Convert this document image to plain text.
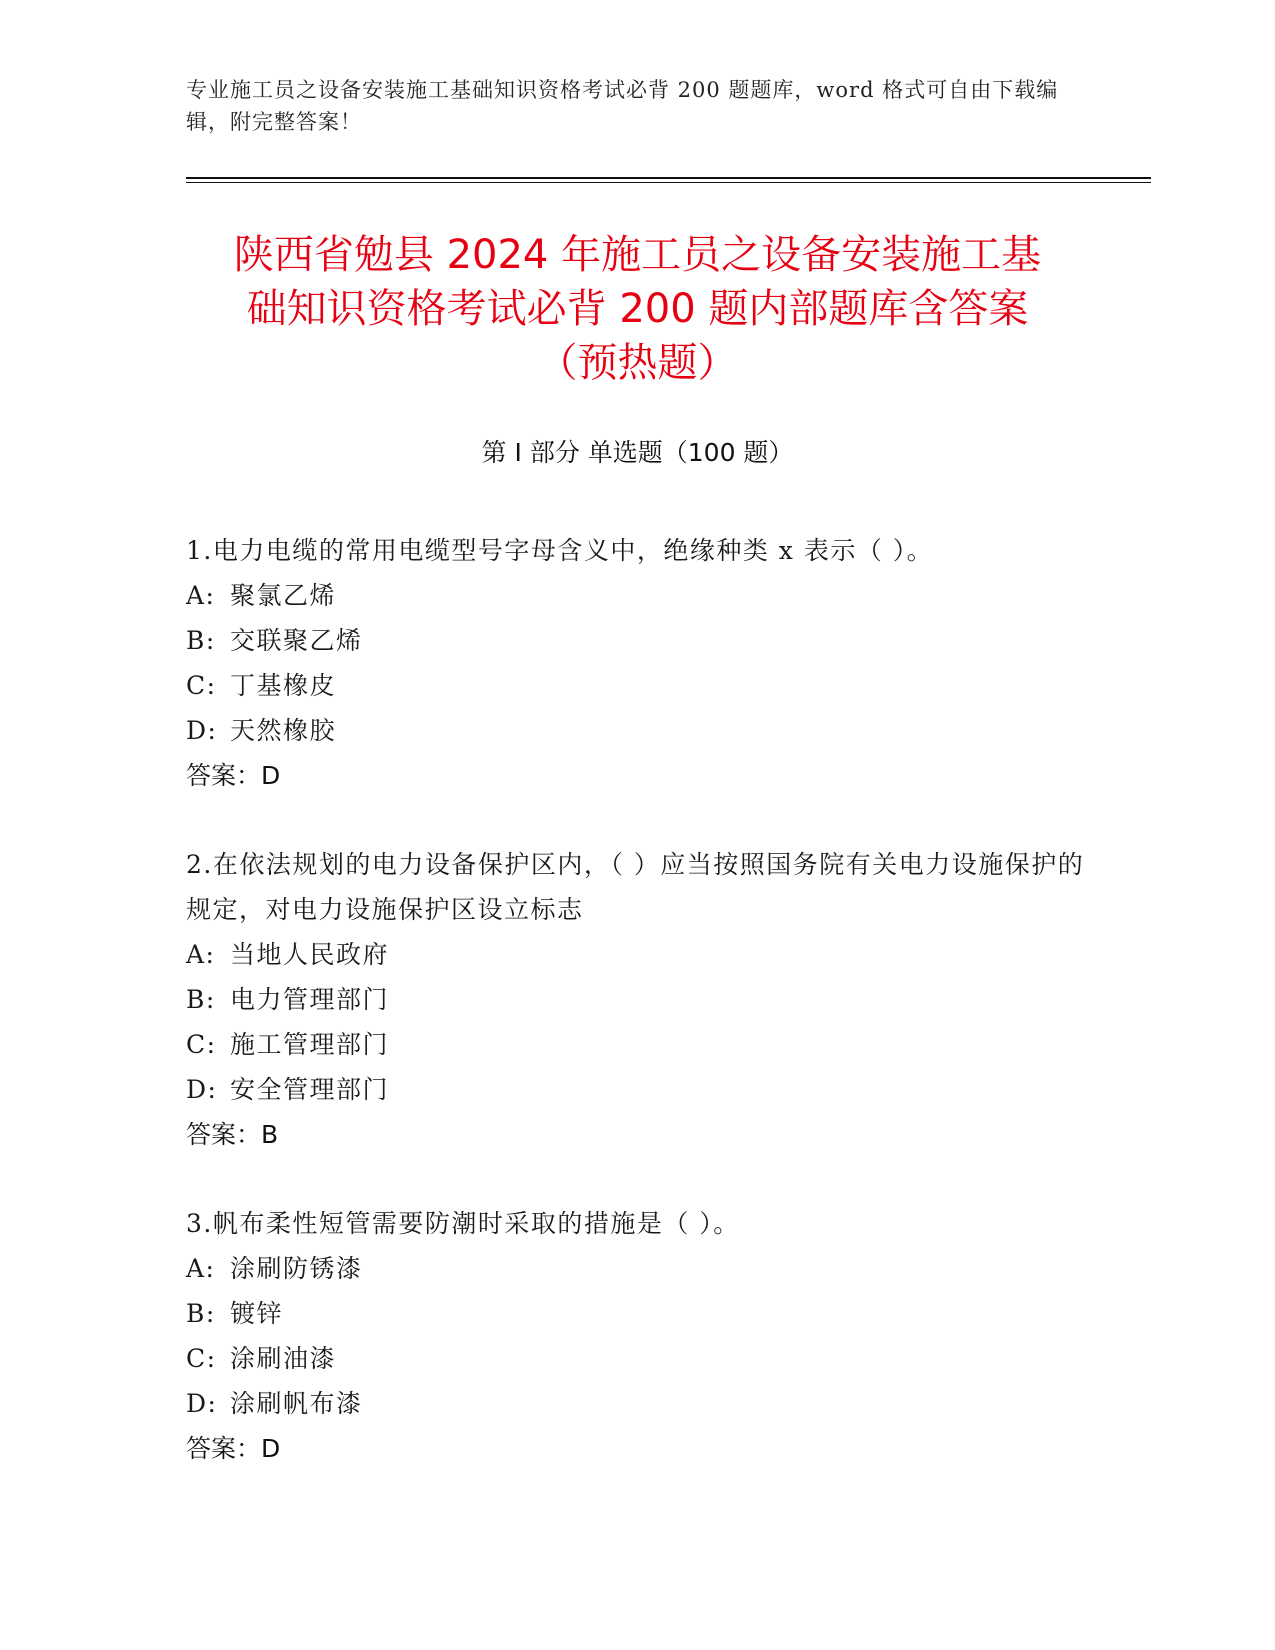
专业施工员之设备安装施工基础知识资格考试必背 200 题题库，word 格式可自由下载编辑，附完整答案！
陕西省勉县 2024 年施工员之设备安装施工基
础知识资格考试必背 200 题内部题库含答案
（预热题）
第 I 部分 单选题（100 题）
1.电力电缆的常用电缆型号字母含义中，绝缘种类 x 表示（ ）。
A: 聚氯乙烯
B: 交联聚乙烯
C: 丁基橡皮
D: 天然橡胶
答案：D
2.在依法规划的电力设备保护区内，（ ）应当按照国务院有关电力设施保护的规定，对电力设施保护区设立标志
A: 当地人民政府
B: 电力管理部门
C: 施工管理部门
D: 安全管理部门
答案：B
3.帆布柔性短管需要防潮时采取的措施是（ ）。
A: 涂刷防锈漆
B: 镀锌
C: 涂刷油漆
D: 涂刷帆布漆
答案：D
